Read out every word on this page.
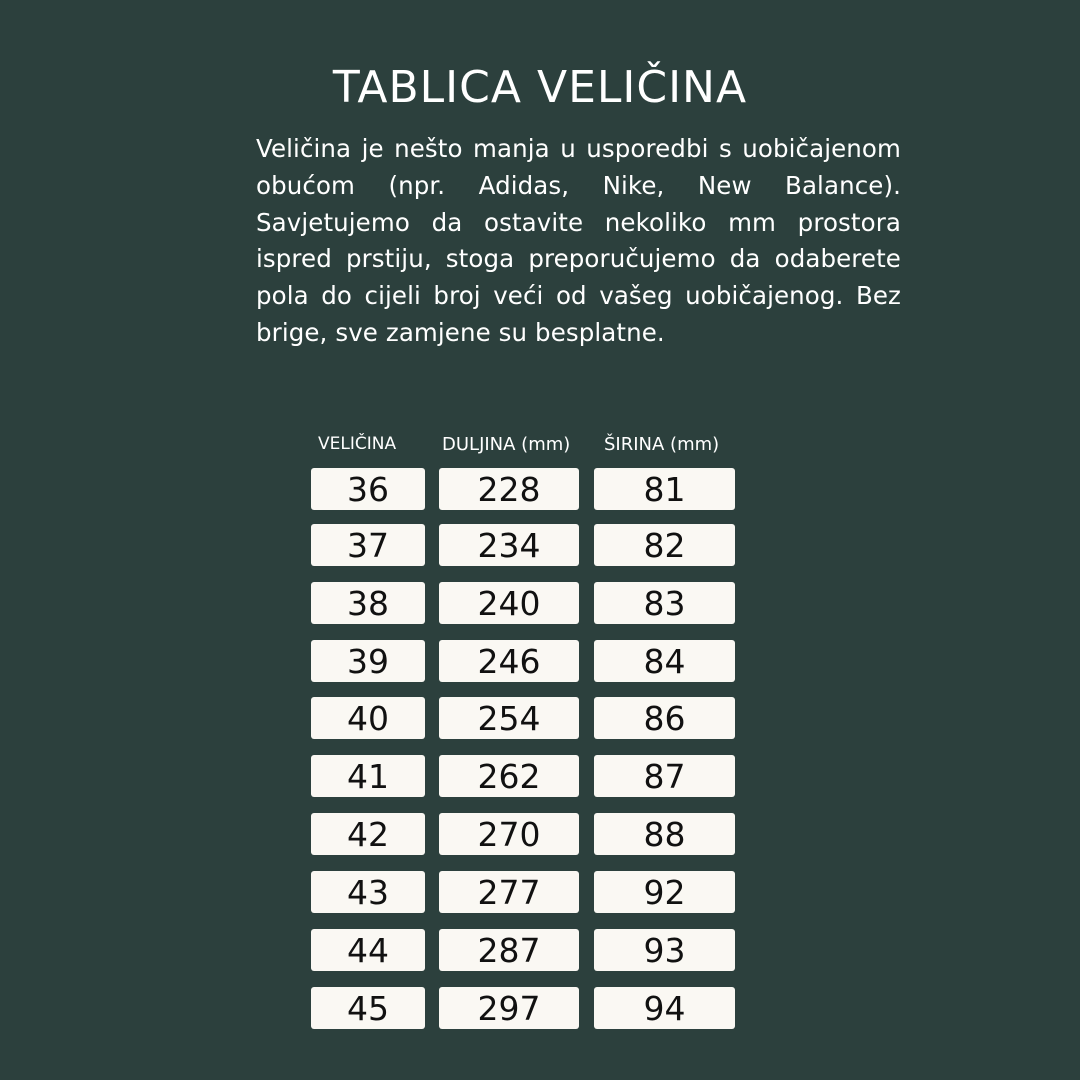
TABLICA VELIČINA

Veličina je nešto manja u usporedbi s uobičajenom obućom (npr. Adidas, Nike, New Balance). Savjetujemo da ostavite nekoliko mm prostora ispred prstiju, stoga preporučujemo da odaberete pola do cijeli broj veći od vašeg uobičajenog. Bez brige, sve zamjene su besplatne.

VELIČINA	DULJINA (mm) ŠIRINA (mm)
36	228	81
37	234	82
38	240	83
39	246	84
40	254	86
41	262	87
42	270	88
43	277	92
44	287	93
45	297	94
